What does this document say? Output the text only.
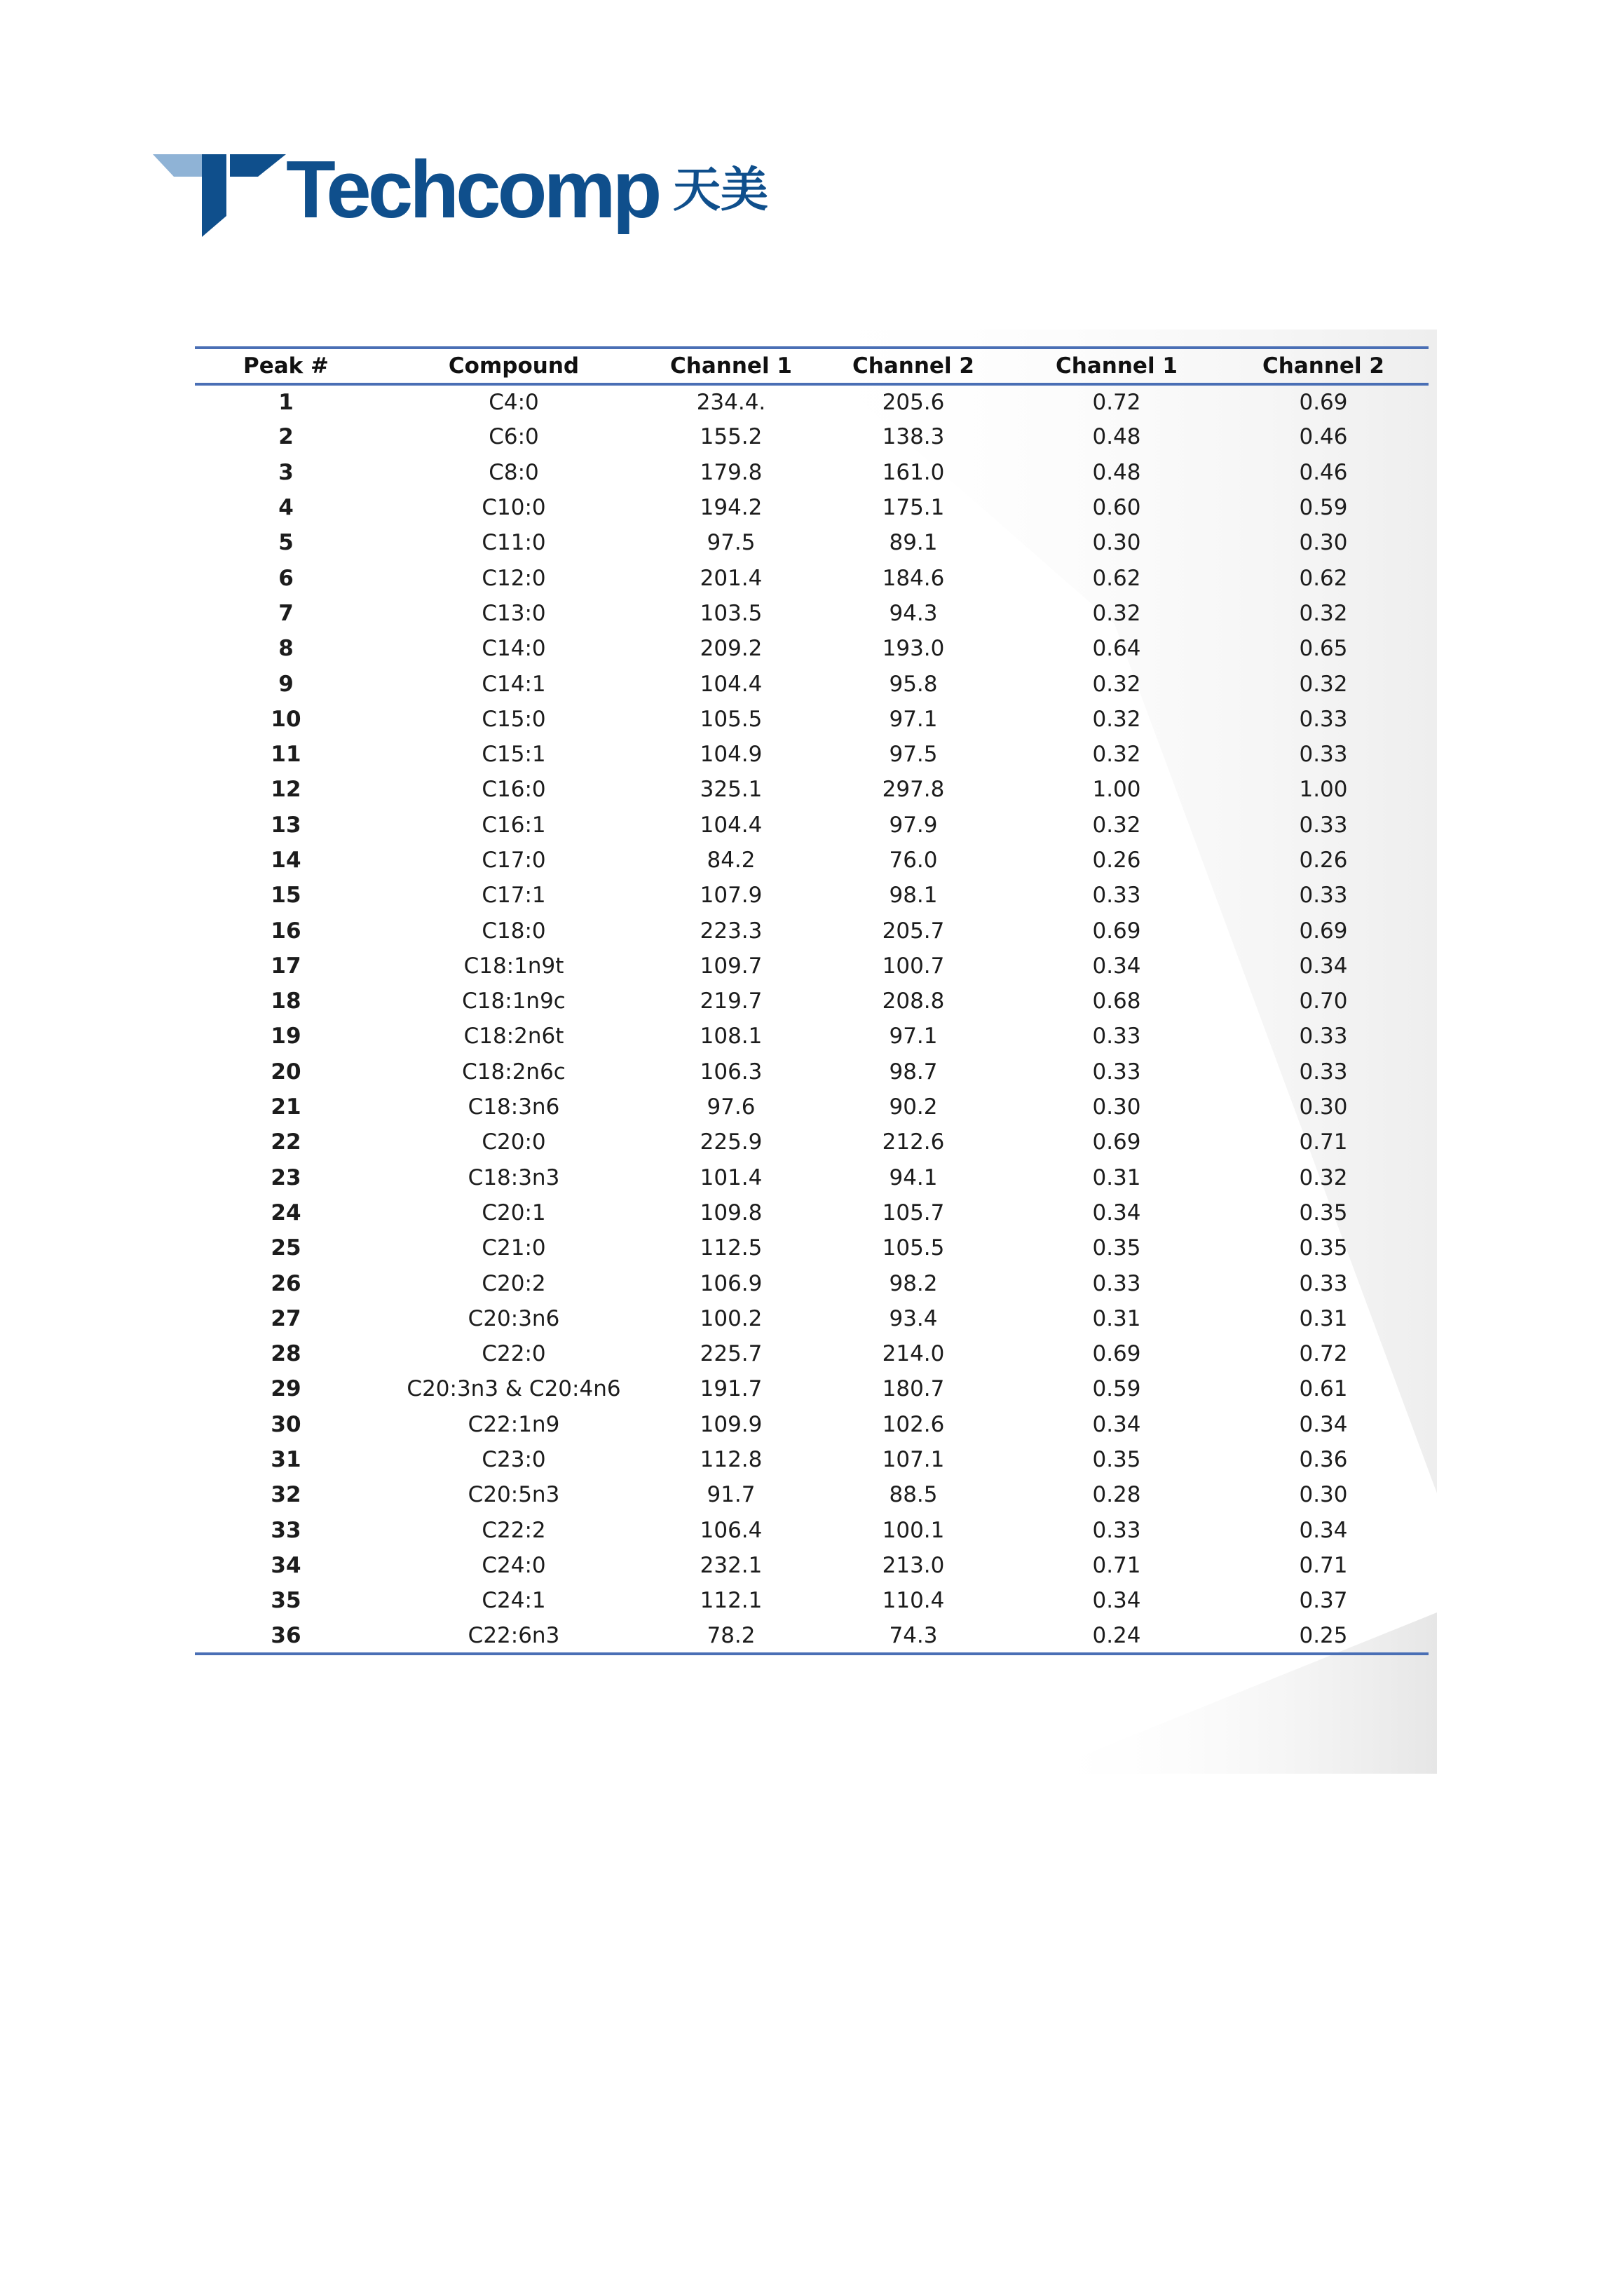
Techcomp 天美
Peak #	Compound	Channel 1	Channel 2	Channel 1	Channel 2
1	C4:0	234.4.	205.6	0.72	0.69
2	C6:0	155.2	138.3	0.48	0.46
3	C8:0	179.8	161.0	0.48	0.46
4	C10:0	194.2	175.1	0.60	0.59
5	C11:0	97.5	89.1	0.30	0.30
6	C12:0	201.4	184.6	0.62	0.62
7	C13:0	103.5	94.3	0.32	0.32
8	C14:0	209.2	193.0	0.64	0.65
9	C14:1	104.4	95.8	0.32	0.32
10	C15:0	105.5	97.1	0.32	0.33
11	C15:1	104.9	97.5	0.32	0.33
12	C16:0	325.1	297.8	1.00	1.00
13	C16:1	104.4	97.9	0.32	0.33
14	C17:0	84.2	76.0	0.26	0.26
15	C17:1	107.9	98.1	0.33	0.33
16	C18:0	223.3	205.7	0.69	0.69
17	C18:1n9t	109.7	100.7	0.34	0.34
18	C18:1n9c	219.7	208.8	0.68	0.70
19	C18:2n6t	108.1	97.1	0.33	0.33
20	C18:2n6c	106.3	98.7	0.33	0.33
21	C18:3n6	97.6	90.2	0.30	0.30
22	C20:0	225.9	212.6	0.69	0.71
23	C18:3n3	101.4	94.1	0.31	0.32
24	C20:1	109.8	105.7	0.34	0.35
25	C21:0	112.5	105.5	0.35	0.35
26	C20:2	106.9	98.2	0.33	0.33
27	C20:3n6	100.2	93.4	0.31	0.31
28	C22:0	225.7	214.0	0.69	0.72
29	C20:3n3 & C20:4n6	191.7	180.7	0.59	0.61
30	C22:1n9	109.9	102.6	0.34	0.34
31	C23:0	112.8	107.1	0.35	0.36
32	C20:5n3	91.7	88.5	0.28	0.30
33	C22:2	106.4	100.1	0.33	0.34
34	C24:0	232.1	213.0	0.71	0.71
35	C24:1	112.1	110.4	0.34	0.37
36	C22:6n3	78.2	74.3	0.24	0.25
